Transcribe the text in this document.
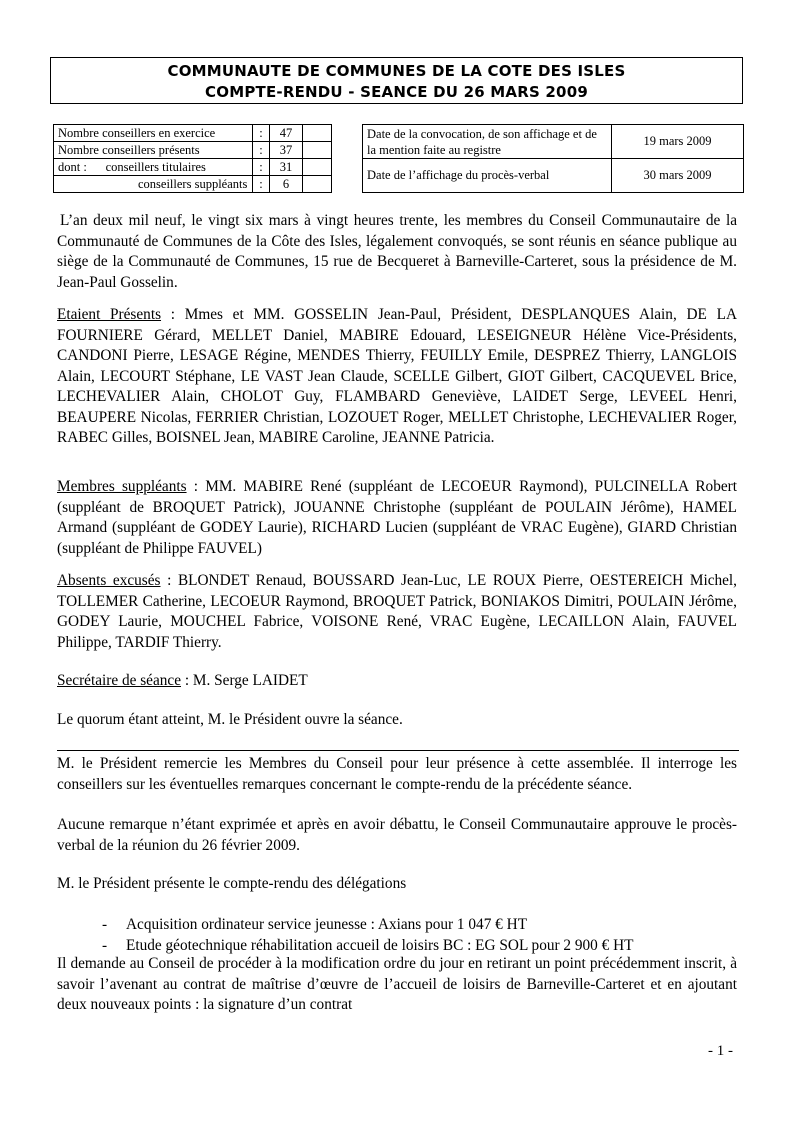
COMMUNAUTE DE COMMUNES DE LA COTE DES ISLES
COMPTE-RENDU - SEANCE DU 26 MARS 2009
Nombre conseillers en exercice	:	47			Date de la convocation, de son affichage et de la mention faite au registre	19 mars 2009
Nombre conseillers présents	:	37				
dont :      conseillers titulaires	:	31			Date de l’affichage du procès-verbal	30 mars 2009
conseillers suppléants	:	6				

L’an deux mil neuf, le vingt six mars à vingt heures trente, les membres du Conseil Communautaire de la Communauté de Communes de la Côte des Isles, légalement convoqués, se sont réunis en séance publique au siège de la Communauté de Communes, 15 rue de Becqueret à Barneville-Carteret, sous la présidence de M. Jean-Paul Gosselin.

Etaient Présents : Mmes et MM. GOSSELIN Jean-Paul, Président, DESPLANQUES Alain, DE LA FOURNIERE Gérard, MELLET Daniel, MABIRE Edouard, LESEIGNEUR Hélène Vice-Présidents, CANDONI Pierre, LESAGE Régine, MENDES Thierry, FEUILLY Emile, DESPREZ Thierry, LANGLOIS Alain, LECOURT Stéphane, LE VAST Jean Claude, SCELLE Gilbert, GIOT Gilbert, CACQUEVEL Brice, LECHEVALIER Alain, CHOLOT Guy, FLAMBARD Geneviève, LAIDET Serge, LEVEEL Henri, BEAUPERE Nicolas, FERRIER Christian, LOZOUET Roger, MELLET Christophe, LECHEVALIER Roger, RABEC Gilles, BOISNEL Jean, MABIRE Caroline, JEANNE Patricia.

Membres suppléants : MM. MABIRE René (suppléant de LECOEUR Raymond), PULCINELLA Robert (suppléant de BROQUET Patrick), JOUANNE Christophe (suppléant de POULAIN Jérôme), HAMEL Armand (suppléant de GODEY Laurie), RICHARD Lucien (suppléant de VRAC Eugène), GIARD Christian (suppléant de Philippe FAUVEL)

Absents excusés : BLONDET Renaud, BOUSSARD Jean-Luc, LE ROUX Pierre, OESTEREICH Michel, TOLLEMER Catherine, LECOEUR Raymond, BROQUET Patrick, BONIAKOS Dimitri, POULAIN Jérôme, GODEY Laurie, MOUCHEL Fabrice, VOISONE René, VRAC Eugène, LECAILLON Alain, FAUVEL Philippe, TARDIF Thierry.

Secrétaire de séance : M. Serge LAIDET

Le quorum étant atteint, M. le Président ouvre la séance.

M. le Président remercie les Membres du Conseil pour leur présence à cette assemblée. Il interroge les conseillers sur les éventuelles remarques concernant le compte-rendu de la précédente séance.

Aucune remarque n’étant exprimée et après en avoir débattu, le Conseil Communautaire approuve le procès-verbal de la réunion du 26 février 2009.

M. le Président présente le compte-rendu des délégations

- Acquisition ordinateur service jeunesse : Axians pour 1 047 € HT
- Etude géotechnique réhabilitation accueil de loisirs BC : EG SOL pour 2 900 € HT

Il demande au Conseil de procéder à la modification ordre du jour en retirant un point précédemment inscrit, à savoir l’avenant au contrat de maîtrise d’œuvre de l’accueil de loisirs de Barneville-Carteret et en ajoutant deux nouveaux points : la signature d’un contrat

- 1 -
